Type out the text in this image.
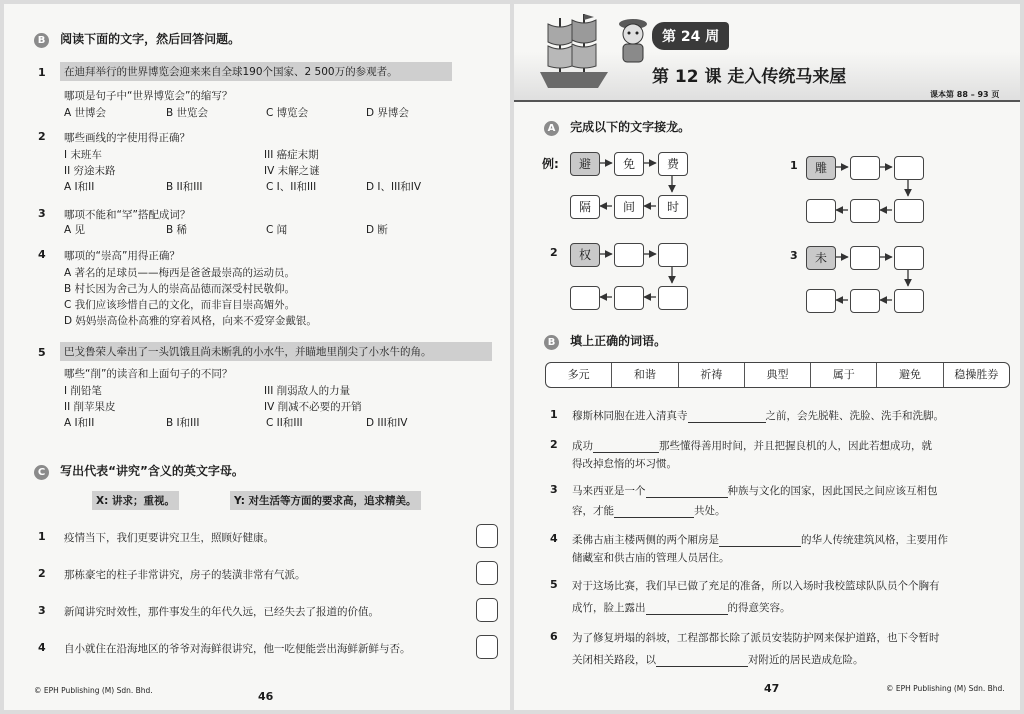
B 阅读下面的文字，然后回答问题。
1	在迪拜举行的世界博览会迎来来自全球190个国家、2 500万的参观者。
哪项是句子中“世界博览会”的缩写？
A 世博会	B 世览会	C 博览会	D 界博会
2 哪些画线的字使用得正确？
I 末班车
II 穷途末路
III 癌症末期
IV 末解之谜
A I和II	B II和III	C I、II和III	D I、III和IV
3 哪项不能和“罕”搭配成词？
A 见	B 稀	C 闻	D 断
4 哪项的“崇高”用得正确？
A 著名的足球员——梅西是爸爸最崇高的运动员。
B 村长因为舍己为人的崇高品德而深受村民敬仰。
C 我们应该珍惜自己的文化，而非盲目崇高媚外。
D 妈妈崇高俭朴高雅的穿着风格，向来不爱穿金戴银。
5	巴戈鲁荣人牵出了一头饥饿且尚未断乳的小水牛，并瞄地里削尖了小水牛的角。
哪些“削”的读音和上面句子的不同？
I 削铅笔
II 削苹果皮
III 削弱敌人的力量
IV 削减不必要的开销
A I和II	B I和III	C II和III	D III和IV
C 写出代表“讲究”含义的英文字母。
X: 讲求；重视。	Y: 对生活等方面的要求高，追求精美。
1 疫情当下，我们更要讲究卫生，照顾好健康。
2 那栋豪宅的柱子非常讲究，房子的装潢非常有气派。
3 新闻讲究时效性，那件事发生的年代久远，已经失去了报道的价值。
4 自小就住在沿海地区的爷爷对海鲜很讲究，他一吃便能尝出海鲜新鲜与否。
© EPH Publishing (M) Sdn. Bhd.	46
第 24 周
第 12 课 走入传统马来屋
课本第 88 – 93 页
A 完成以下的文字接龙。
例:	避	免	费
隔	间	时
1	雕
2	权	3	未
B 填上正确的词语。
多元	和谐	祈祷	典型	属于	避免	稳操胜券
1 穆斯林同胞在进入清真寺	之前，会先脱鞋、洗脸、洗手和洗脚。
2 成功	那些懂得善用时间，并且把握良机的人，因此若想成功，就
得改掉怠惰的坏习惯。
3 马来西亚是一个	种族与文化的国家，因此国民之间应该互相包
容，才能	共处。
4 柔佛古庙主楼两侧的两个厢房是	的华人传统建筑风格，主要用作
储藏室和供古庙的管理人员居住。
5 对于这场比赛，我们早已做了充足的准备，所以入场时我校篮球队队员个个胸有
成竹，脸上露出	的得意笑容。
6 为了修复坍塌的斜坡，工程部都长除了派员安装防护网来保护道路，也下令暂时
关闭相关路段，以	对附近的居民造成危险。
47	© EPH Publishing (M) Sdn. Bhd.
